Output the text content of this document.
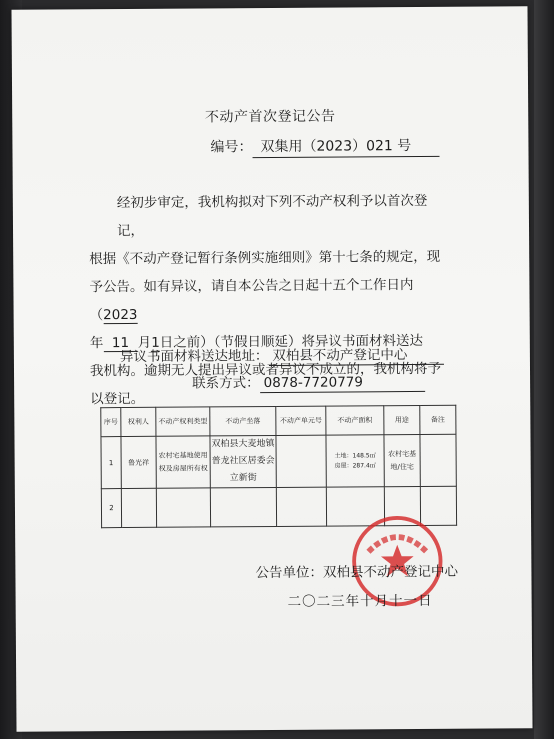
不动产首次登记公告
编号： 双集用（2023）021 号
经初步审定，我机构拟对下列不动产权利予以首次登记，
根据《不动产登记暂行条例实施细则》第十七条的规定，现
予公告。如有异议，请自本公告之日起十五个工作日内（2023
年 11 月1日之前）（节假日顺延）将异议书面材料送达
我机构。逾期无人提出异议或者异议不成立的，我机构将予
以登记。
异议书面材料送达地址： 双柏县不动产登记中心
联系方式： 0878-7720779
序号	权利人	不动产权利类型	不动产坐落	不动产单元号	不动产面积	用途	备注
1	鲁光祥	农村宅基地使用权及房屋所有权	双柏县大麦地镇普龙社区居委会立新街		土地：148.5㎡
房屋：287.4㎡	农村宅基地/住宅	
2							
公告单位：双柏县不动产登记中心
二〇二三年十月十一日
